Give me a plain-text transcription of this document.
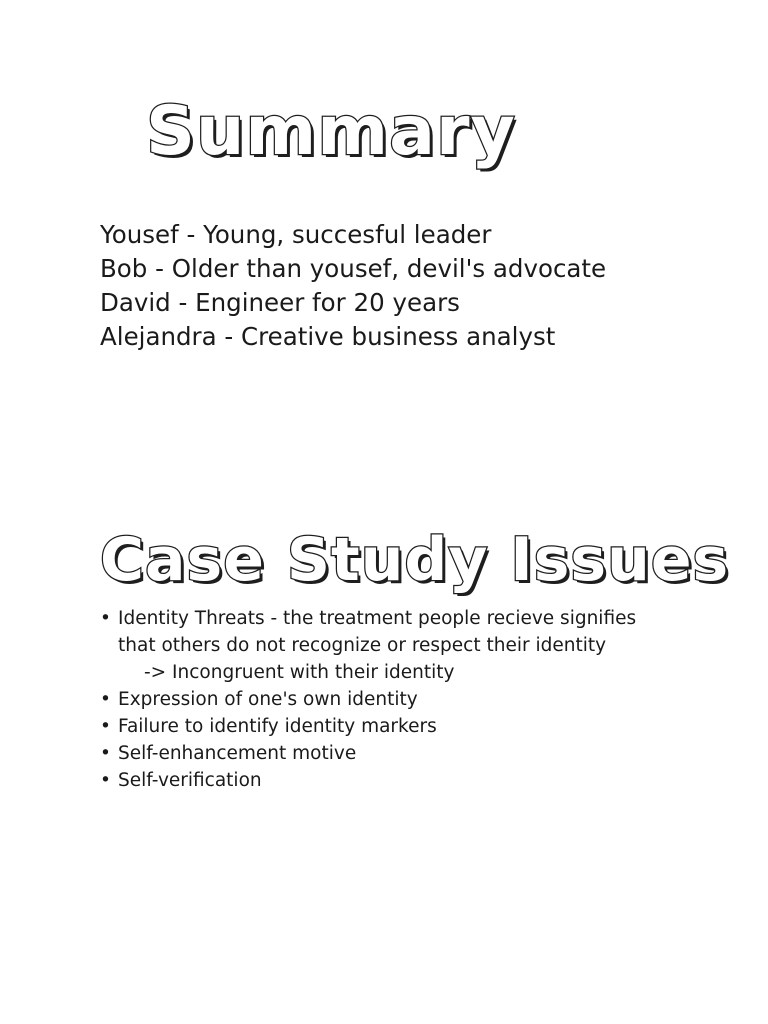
Summary
Yousef - Young, succesful leader
Bob - Older than yousef, devil's advocate
David - Engineer for 20 years
Alejandra - Creative business analyst
Case Study Issues
• Identity Threats - the treatment people recieve signifies that others do not recognize or respect their identity
-> Incongruent with their identity
• Expression of one's own identity
• Failure to identify identity markers
• Self-enhancement motive
• Self-verification
